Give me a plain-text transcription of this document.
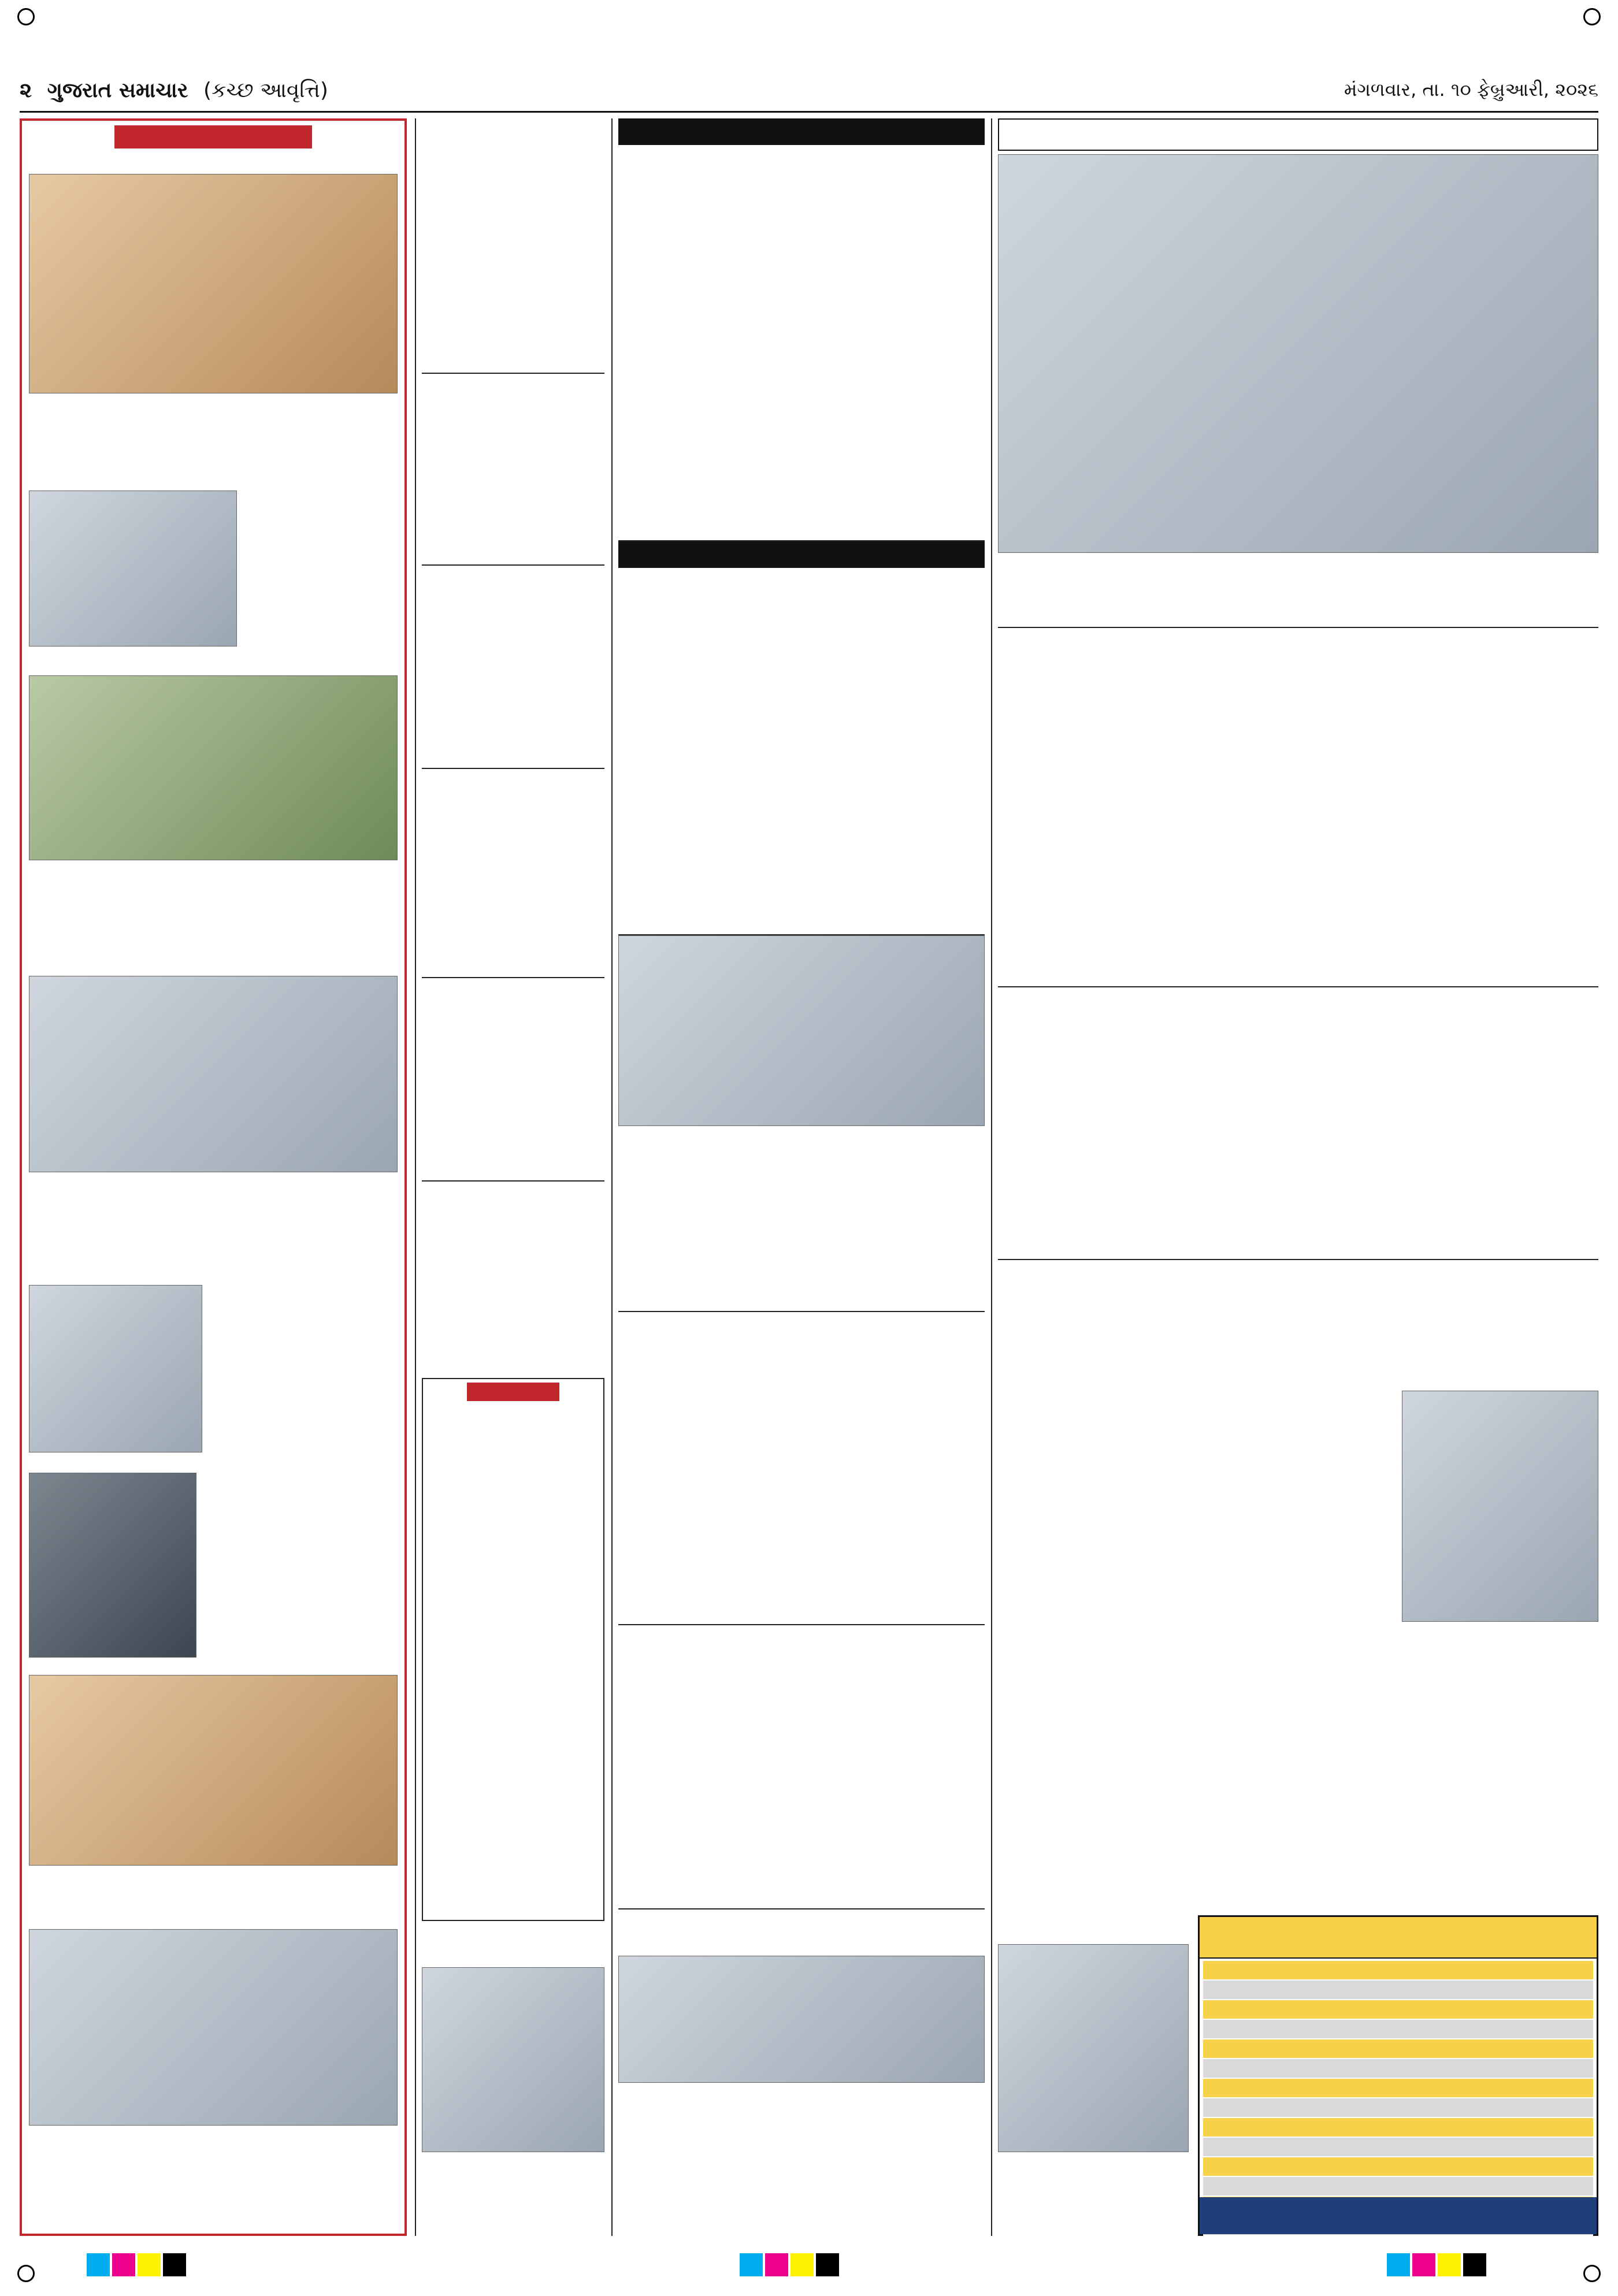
૨ ગુજરાત સમાચાર (કચ્છ આવૃત્તિ)	મંગળવાર, તા. ૧૦ ફેબ્રુઆરી, ૨૦૨૬
